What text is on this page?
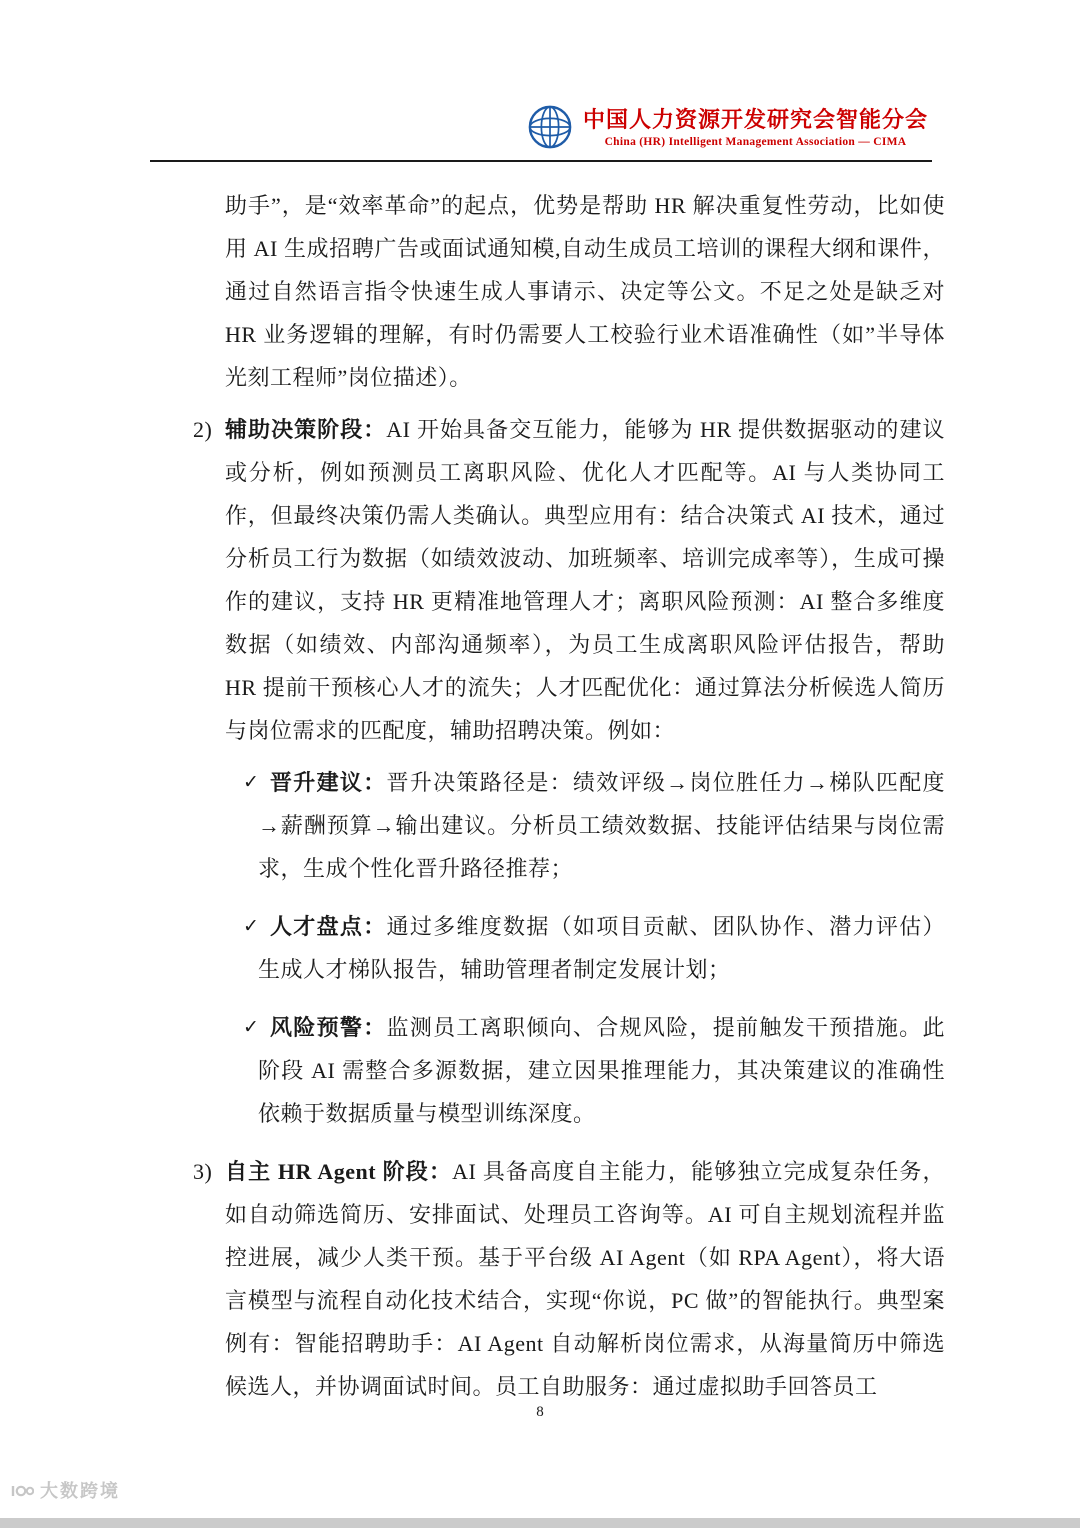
中国人力资源开发研究会智能分会
China (HR) Intelligent Management Association — CIMA
助手”，是“效率革命”的起点，优势是帮助 HR 解决重复性劳动，比如使用 AI 生成招聘广告或面试通知模,自动生成员工培训的课程大纲和课件，通过自然语言指令快速生成人事请示、决定等公文。不足之处是缺乏对 HR 业务逻辑的理解，有时仍需要人工校验行业术语准确性（如”半导体光刻工程师”岗位描述）。
2) 辅助决策阶段：AI 开始具备交互能力，能够为 HR 提供数据驱动的建议或分析，例如预测员工离职风险、优化人才匹配等。AI 与人类协同工作，但最终决策仍需人类确认。典型应用有：结合决策式 AI 技术，通过分析员工行为数据（如绩效波动、加班频率、培训完成率等），生成可操作的建议，支持 HR 更精准地管理人才；离职风险预测：AI 整合多维度数据（如绩效、内部沟通频率），为员工生成离职风险评估报告，帮助 HR 提前干预核心人才的流失；人才匹配优化：通过算法分析候选人简历与岗位需求的匹配度，辅助招聘决策。例如：
✓ 晋升建议：晋升决策路径是：绩效评级→岗位胜任力→梯队匹配度→薪酬预算→输出建议。分析员工绩效数据、技能评估结果与岗位需求，生成个性化晋升路径推荐；
✓ 人才盘点：通过多维度数据（如项目贡献、团队协作、潜力评估）生成人才梯队报告，辅助管理者制定发展计划；
✓ 风险预警：监测员工离职倾向、合规风险，提前触发干预措施。此阶段 AI 需整合多源数据，建立因果推理能力，其决策建议的准确性依赖于数据质量与模型训练深度。
3) 自主 HR Agent 阶段：AI 具备高度自主能力，能够独立完成复杂任务，如自动筛选简历、安排面试、处理员工咨询等。AI 可自主规划流程并监控进展，减少人类干预。基于平台级 AI Agent（如 RPA Agent），将大语言模型与流程自动化技术结合，实现“你说，PC 做”的智能执行。典型案例有：智能招聘助手：AI Agent 自动解析岗位需求，从海量简历中筛选候选人，并协调面试时间。员工自助服务：通过虚拟助手回答员工
8
大数跨境
